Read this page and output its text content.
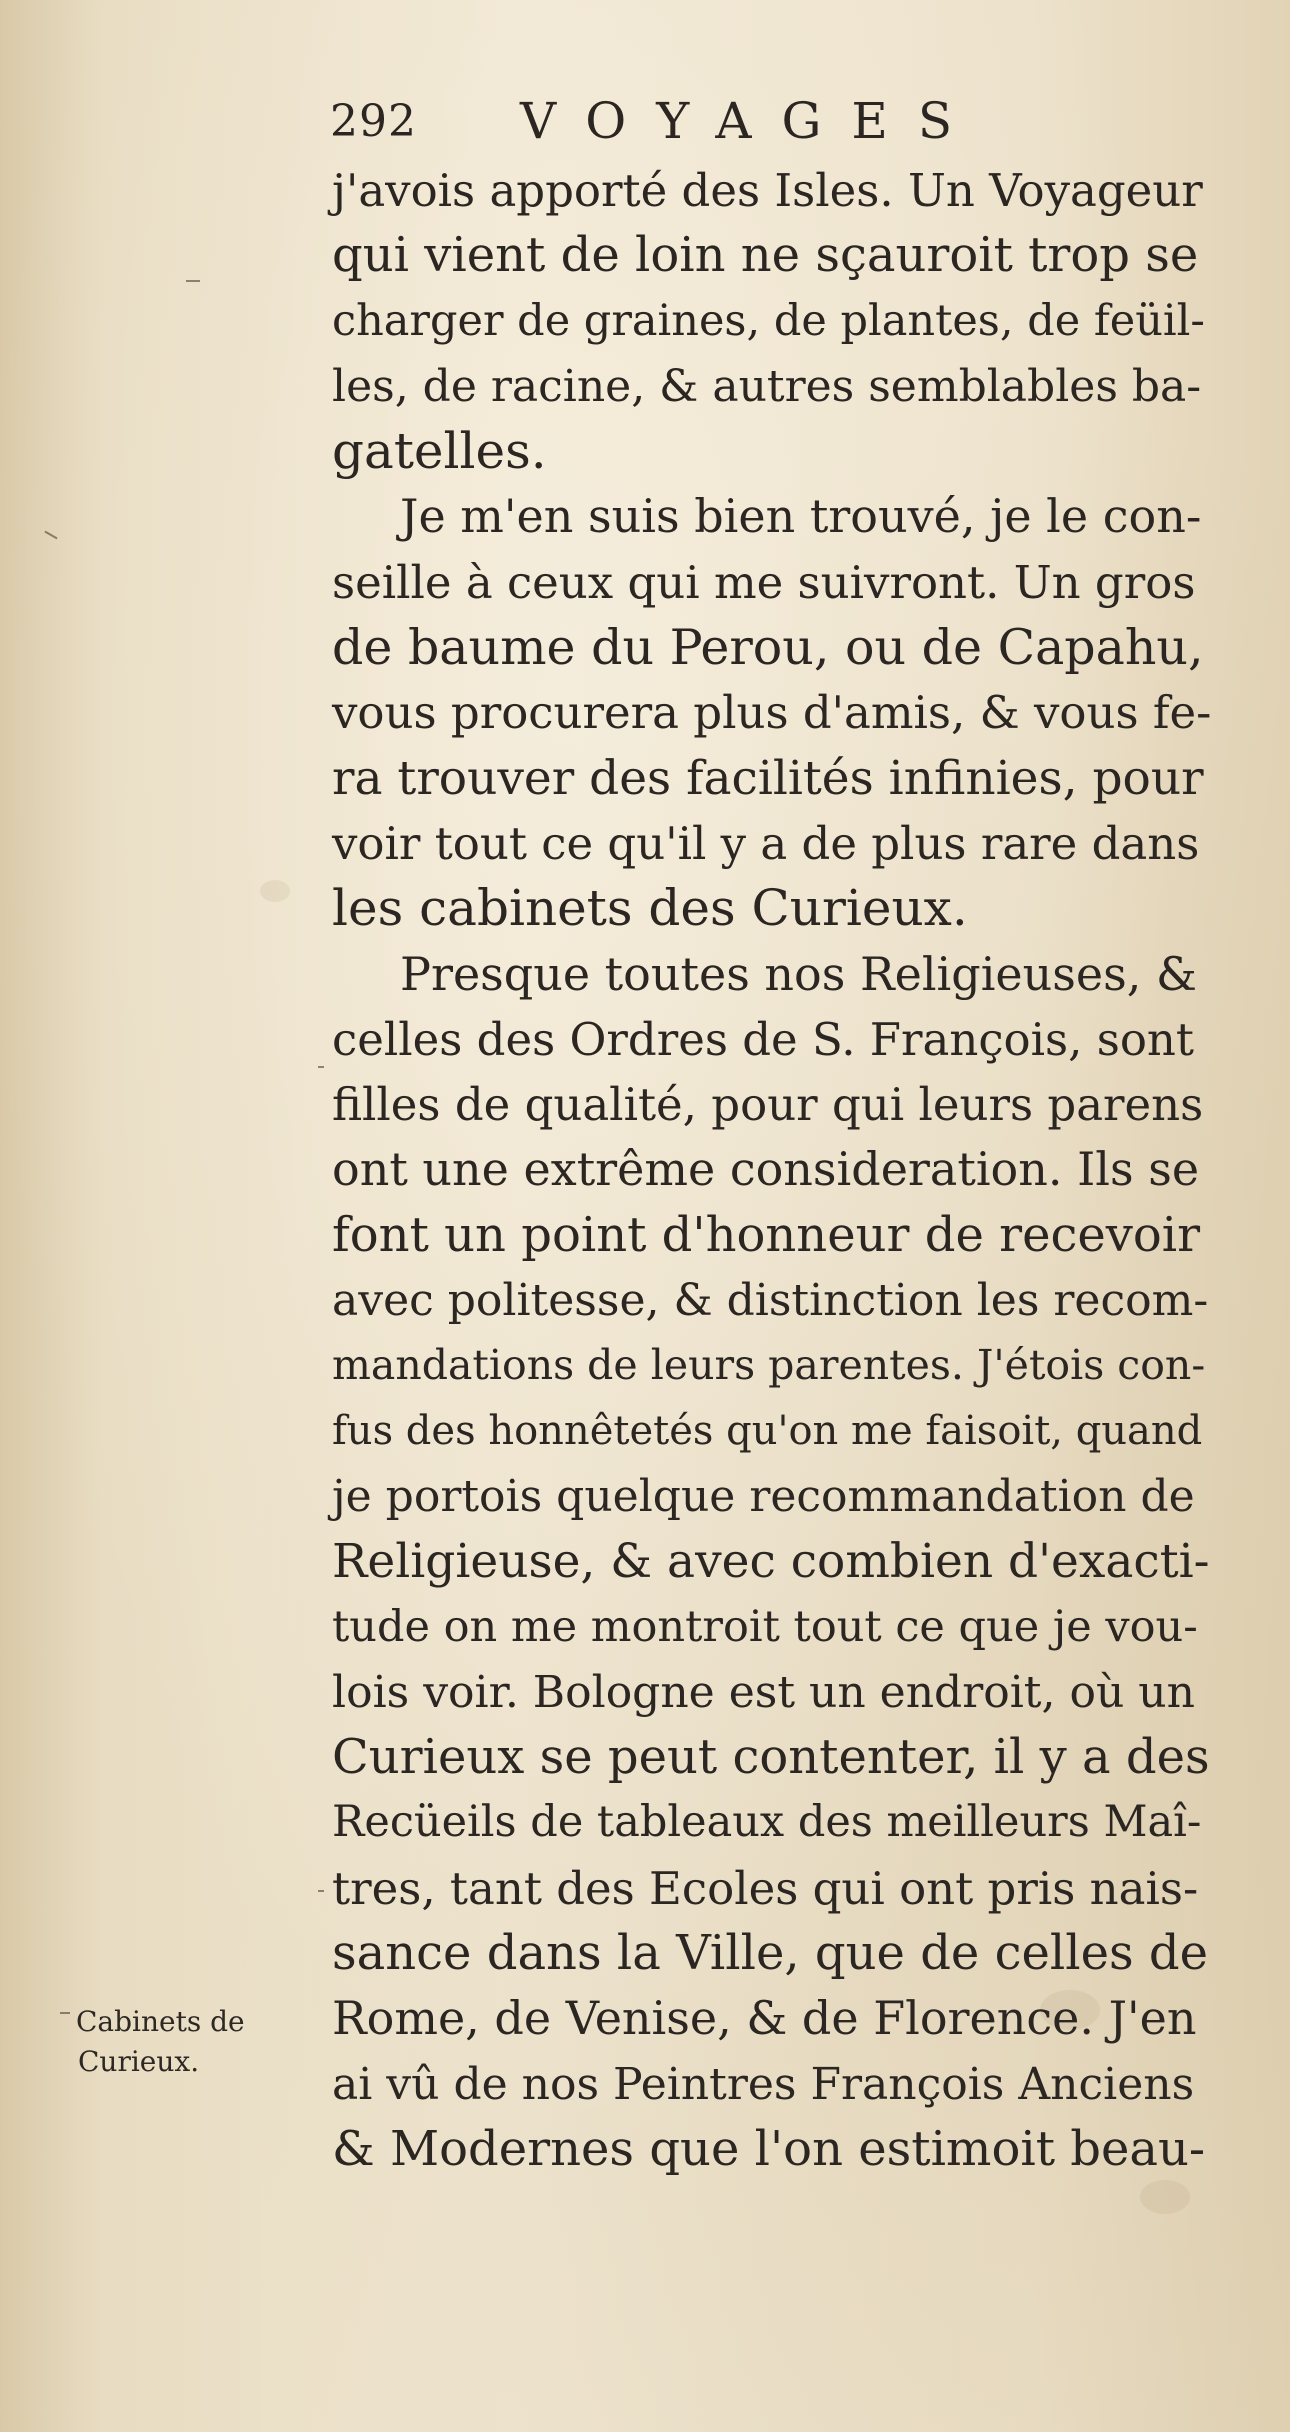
292 VOYAGES
j'avois apporté des Isles. Un Voyageur
qui vient de loin ne sçauroit trop se
charger de graines, de plantes, de feüil-
les, de racine, & autres semblables ba-
gatelles.
Je m'en suis bien trouvé, je le con-
seille à ceux qui me suivront. Un gros
de baume du Perou, ou de Capahu,
vous procurera plus d'amis, & vous fe-
ra trouver des facilités infinies, pour
voir tout ce qu'il y a de plus rare dans
les cabinets des Curieux.
Presque toutes nos Religieuses, &
celles des Ordres de S. François, sont
filles de qualité, pour qui leurs parens
ont une extrême consideration. Ils se
font un point d'honneur de recevoir
avec politesse, & distinction les recom-
mandations de leurs parentes. J'étois con-
fus des honnêtetés qu'on me faisoit, quand
je portois quelque recommandation de
Religieuse, & avec combien d'exacti-
tude on me montroit tout ce que je vou-
lois voir. Bologne est un endroit, où un
Curieux se peut contenter, il y a des
Recüeils de tableaux des meilleurs Maî-
tres, tant des Ecoles qui ont pris nais-
sance dans la Ville, que de celles de
Rome, de Venise, & de Florence. J'en
ai vû de nos Peintres François Anciens
& Modernes que l'on estimoit beau-
Cabinets de
Curieux.
